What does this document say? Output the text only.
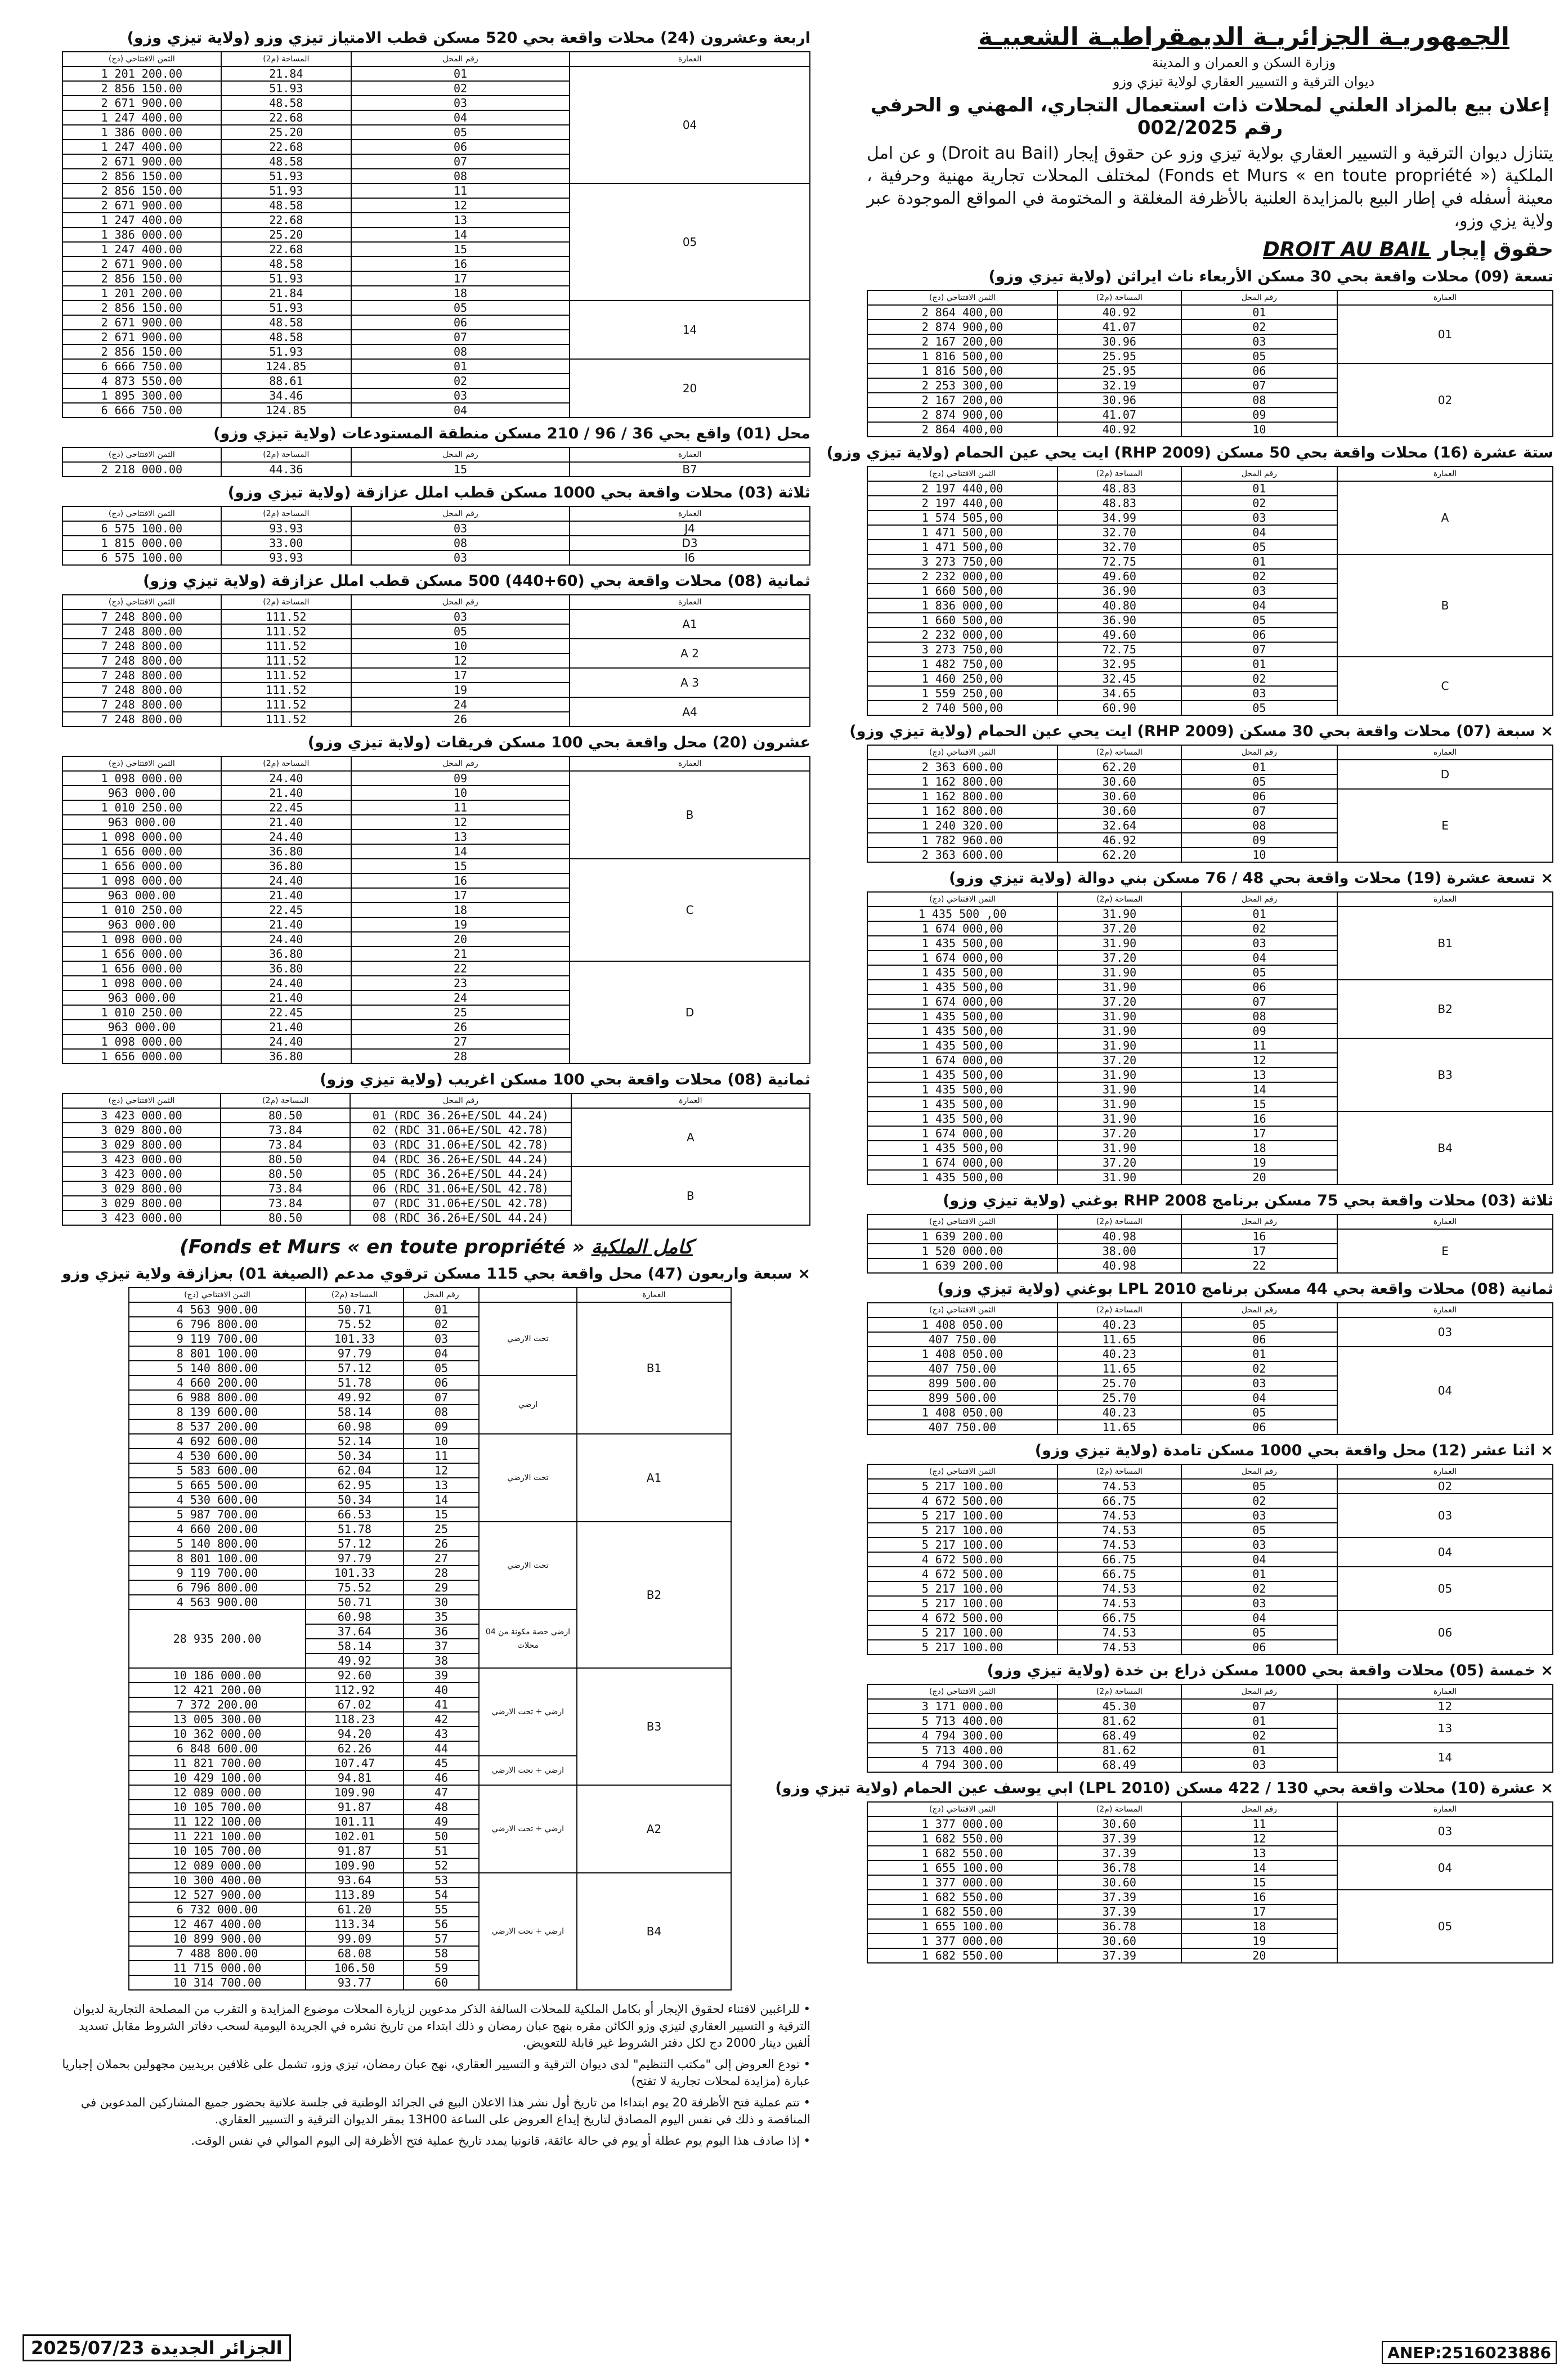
الجمهوريـة الجزائريـة الديمقراطيـة الشعبيـة
وزارة السكن و العمران و المدينة
ديوان الترقية و التسيير العقاري لولاية تيزي وزو
إعلان بيع بالمزاد العلني لمحلات ذات استعمال التجاري، المهني و الحرفي
رقم 002/2025
يتنازل ديوان الترقية و التسيير العقاري بولاية تيزي وزو عن حقوق إيجار (Droit au Bail) و عن امل الملكية (« Fonds et Murs « en toute propriété) لمختلف المحلات تجارية مهنية وحرفية ، معينة أسفله في إطار البيع بالمزايدة العلنية بالأظرفة المغلقة و المختومة في المواقع الموجودة عبر ولاية يزي وزو،
حقوق إيجار DROIT AU BAIL
تسعة (09) محلات واقعة بحي 30 مسكن الأربعاء ناث ايراثن (ولاية تيزي وزو)
الثمن الافتتاحي (دج)	المساحة (م2)	رقم المحل	العمارة
2 864 400,00	40.92	01	01
2 874 900,00	41.07	02	
2 167 200,00	30.96	03	
1 816 500,00	25.95	05	
1 816 500,00	25.95	06	02
2 253 300,00	32.19	07	
2 167 200,00	30.96	08	
2 874 900,00	41.07	09	
2 864 400,00	40.92	10	
ستة عشرة (16) محلات واقعة بحي 50 مسكن (RHP 2009) ايت يحي عين الحمام (ولاية تيزي وزو)
الثمن الافتتاحي (دج)	المساحة (م2)	رقم المحل	العمارة
2 197 440,00	48.83	01	A
2 197 440,00	48.83	02	
1 574 505,00	34.99	03	
1 471 500,00	32.70	04	
1 471 500,00	32.70	05	
3 273 750,00	72.75	01	B
2 232 000,00	49.60	02	
1 660 500,00	36.90	03	
1 836 000,00	40.80	04	
1 660 500,00	36.90	05	
2 232 000,00	49.60	06	
3 273 750,00	72.75	07	
1 482 750,00	32.95	01	C
1 460 250,00	32.45	02	
1 559 250,00	34.65	03	
2 740 500,00	60.90	05	
× سبعة (07) محلات واقعة بحي 30 مسكن (RHP 2009) ايت يحي عين الحمام (ولاية تيزي وزو)
الثمن الافتتاحي (دج)	المساحة (م2)	رقم المحل	العمارة
2 363 600.00	62.20	01	D
1 162 800.00	30.60	05	
1 162 800.00	30.60	06	E
1 162 800.00	30.60	07	
1 240 320.00	32.64	08	
1 782 960.00	46.92	09	
2 363 600.00	62.20	10	
× تسعة عشرة (19) محلات واقعة بحي 48 / 76 مسكن بني دوالة (ولاية تيزي وزو)
الثمن الافتتاحي (دج)	المساحة (م2)	رقم المحل	العمارة
1 435 500 ,00	31.90	01	B1
1 674 000,00	37.20	02	
1 435 500,00	31.90	03	
1 674 000,00	37.20	04	
1 435 500,00	31.90	05	
1 435 500,00	31.90	06	B2
1 674 000,00	37.20	07	
1 435 500,00	31.90	08	
1 435 500,00	31.90	09	
1 435 500,00	31.90	11	B3
1 674 000,00	37.20	12	
1 435 500,00	31.90	13	
1 435 500,00	31.90	14	
1 435 500,00	31.90	15	
1 435 500,00	31.90	16	B4
1 674 000,00	37.20	17	
1 435 500,00	31.90	18	
1 674 000,00	37.20	19	
1 435 500,00	31.90	20	
ثلاثة (03) محلات واقعة بحي 75 مسكن برنامج RHP 2008 بوغني (ولاية تيزي وزو)
الثمن الافتتاحي (دج)	المساحة (م2)	رقم المحل	العمارة
1 639 200.00	40.98	16	E
1 520 000.00	38.00	17	
1 639 200.00	40.98	22	
ثمانية (08) محلات واقعة بحي 44 مسكن برنامج LPL 2010 بوغني (ولاية تيزي وزو)
الثمن الافتتاحي (دج)	المساحة (م2)	رقم المحل	العمارة
1 408 050.00	40.23	05	03
407 750.00	11.65	06	
1 408 050.00	40.23	01	04
407 750.00	11.65	02	
899 500.00	25.70	03	
899 500.00	25.70	04	
1 408 050.00	40.23	05	
407 750.00	11.65	06	
× اثنا عشر (12) محل واقعة بحي 1000 مسكن تامدة (ولاية تيزي وزو)
الثمن الافتتاحي (دج)	المساحة (م2)	رقم المحل	العمارة
5 217 100.00	74.53	05	02
4 672 500.00	66.75	02	03
5 217 100.00	74.53	03	
5 217 100.00	74.53	05	
5 217 100.00	74.53	03	04
4 672 500.00	66.75	04	
4 672 500.00	66.75	01	05
5 217 100.00	74.53	02	
5 217 100.00	74.53	03	
4 672 500.00	66.75	04	06
5 217 100.00	74.53	05	
5 217 100.00	74.53	06	
× خمسة (05) محلات واقعة بحي 1000 مسكن ذراع بن خدة (ولاية تيزي وزو)
الثمن الافتتاحي (دج)	المساحة (م2)	رقم المحل	العمارة
3 171 000.00	45.30	07	12
5 713 400.00	81.62	01	13
4 794 300.00	68.49	02	
5 713 400.00	81.62	01	14
4 794 300.00	68.49	03	
× عشرة (10) محلات واقعة بحي 130 / 422 مسكن (LPL 2010) ابي يوسف عين الحمام (ولاية تيزي وزو)
الثمن الافتتاحي (دج)	المساحة (م2)	رقم المحل	العمارة
1 377 000.00	30.60	11	03
1 682 550.00	37.39	12	
1 682 550.00	37.39	13	04
1 655 100.00	36.78	14	
1 377 000.00	30.60	15	
1 682 550.00	37.39	16	05
1 682 550.00	37.39	17	
1 655 100.00	36.78	18	
1 377 000.00	30.60	19	
1 682 550.00	37.39	20	
اربعة وعشرون (24) محلات واقعة بحي 520 مسكن قطب الامتياز تيزي وزو (ولاية تيزي وزو)
الثمن الافتتاحي (دج)	المساحة (م2)	رقم المحل	العمارة
1 201 200.00	21.84	01	04
2 856 150.00	51.93	02	
2 671 900.00	48.58	03	
1 247 400.00	22.68	04	
1 386 000.00	25.20	05	
1 247 400.00	22.68	06	
2 671 900.00	48.58	07	
2 856 150.00	51.93	08	
2 856 150.00	51.93	11	05
2 671 900.00	48.58	12	
1 247 400.00	22.68	13	
1 386 000.00	25.20	14	
1 247 400.00	22.68	15	
2 671 900.00	48.58	16	
2 856 150.00	51.93	17	
1 201 200.00	21.84	18	
2 856 150.00	51.93	05	14
2 671 900.00	48.58	06	
2 671 900.00	48.58	07	
2 856 150.00	51.93	08	
6 666 750.00	124.85	01	20
4 873 550.00	88.61	02	
1 895 300.00	34.46	03	
6 666 750.00	124.85	04	
محل (01) واقع بحي 36 / 96 / 210 مسكن منطقة المستودعات (ولاية تيزي وزو)
الثمن الافتتاحي (دج)	المساحة (م2)	رقم المحل	العمارة
2 218 000.00	44.36	15	B7
ثلاثة (03) محلات واقعة بحي 1000 مسكن قطب املل عزازقة (ولاية تيزي وزو)
الثمن الافتتاحي (دج)	المساحة (م2)	رقم المحل	العمارة
6 575 100.00	93.93	03	J4
1 815 000.00	33.00	08	D3
6 575 100.00	93.93	03	I6
ثمانية (08) محلات واقعة بحي (60+440) 500 مسكن قطب املل عزازقة (ولاية تيزي وزو)
الثمن الافتتاحي (دج)	المساحة (م2)	رقم المحل	العمارة
7 248 800.00	111.52	03	A1
7 248 800.00	111.52	05	
7 248 800.00	111.52	10	A 2
7 248 800.00	111.52	12	
7 248 800.00	111.52	17	A 3
7 248 800.00	111.52	19	
7 248 800.00	111.52	24	A4
7 248 800.00	111.52	26	
عشرون (20) محل واقعة بحي 100 مسكن فريقات (ولاية تيزي وزو)
الثمن الافتتاحي (دج)	المساحة (م2)	رقم المحل	العمارة
1 098 000.00	24.40	09	B
963 000.00	21.40	10	
1 010 250.00	22.45	11	
963 000.00	21.40	12	
1 098 000.00	24.40	13	
1 656 000.00	36.80	14	
1 656 000.00	36.80	15	C
1 098 000.00	24.40	16	
963 000.00	21.40	17	
1 010 250.00	22.45	18	
963 000.00	21.40	19	
1 098 000.00	24.40	20	
1 656 000.00	36.80	21	
1 656 000.00	36.80	22	D
1 098 000.00	24.40	23	
963 000.00	21.40	24	
1 010 250.00	22.45	25	
963 000.00	21.40	26	
1 098 000.00	24.40	27	
1 656 000.00	36.80	28	
ثمانية (08) محلات واقعة بحي 100 مسكن اغريب (ولاية تيزي وزو)
الثمن الافتتاحي (دج)	المساحة (م2)	رقم المحل	العمارة
3 423 000.00	80.50	01 (RDC 36.26+E/SOL 44.24)	A
3 029 800.00	73.84	02 (RDC 31.06+E/SOL 42.78)	
3 029 800.00	73.84	03 (RDC 31.06+E/SOL 42.78)	
3 423 000.00	80.50	04 (RDC 36.26+E/SOL 44.24)	
3 423 000.00	80.50	05 (RDC 36.26+E/SOL 44.24)	B
3 029 800.00	73.84	06 (RDC 31.06+E/SOL 42.78)	
3 029 800.00	73.84	07 (RDC 31.06+E/SOL 42.78)	
3 423 000.00	80.50	08 (RDC 36.26+E/SOL 44.24)	
(Fonds et Murs « en toute propriété » كامل الملكية
× سبعة واربعون (47) محل واقعة بحي 115 مسكن ترقوي مدعم (الصيغة 01) بعزازقة ولاية تيزي وزو
الثمن الافتتاحي (دج)	المساحة (م2)	رقم المحل		العمارة
4 563 900.00	50.71	01	تحت الارضي	B1
6 796 800.00	75.52	02		
9 119 700.00	101.33	03		
8 801 100.00	97.79	04		
5 140 800.00	57.12	05		
4 660 200.00	51.78	06	ارضي	
6 988 800.00	49.92	07		
8 139 600.00	58.14	08		
8 537 200.00	60.98	09		
4 692 600.00	52.14	10	تحت الارضي	A1
4 530 600.00	50.34	11		
5 583 600.00	62.04	12		
5 665 500.00	62.95	13		
4 530 600.00	50.34	14		
5 987 700.00	66.53	15		
4 660 200.00	51.78	25	تحت الارضي	B2
5 140 800.00	57.12	26		
8 801 100.00	97.79	27		
9 119 700.00	101.33	28		
6 796 800.00	75.52	29		
4 563 900.00	50.71	30		
28 935 200.00	60.98	35	ارضي حصة مكونة من 04 محلات	
	37.64	36		
	58.14	37		
	49.92	38		
10 186 000.00	92.60	39	ارضي + تحت الارضي	B3
12 421 200.00	112.92	40		
7 372 200.00	67.02	41		
13 005 300.00	118.23	42		
10 362 000.00	94.20	43		
6 848 600.00	62.26	44		
11 821 700.00	107.47	45	ارضي + تحت الارضي	
10 429 100.00	94.81	46		
12 089 000.00	109.90	47	ارضي + تحت الارضي	A2
10 105 700.00	91.87	48		
11 122 100.00	101.11	49		
11 221 100.00	102.01	50		
10 105 700.00	91.87	51		
12 089 000.00	109.90	52		
10 300 400.00	93.64	53	ارضي + تحت الارضي	B4
12 527 900.00	113.89	54		
6 732 000.00	61.20	55		
12 467 400.00	113.34	56		
10 899 900.00	99.09	57		
7 488 800.00	68.08	58		
11 715 000.00	106.50	59		
10 314 700.00	93.77	60		

• للراغبين لاقتناء لحقوق الإيجار أو بكامل الملكية للمحلات السالفة الذكر مدعوين لزيارة المحلات موضوع المزايدة و التقرب من المصلحة التجارية لديوان الترقية و التسيير العقاري لتيزي وزو الكائن مقره بنهج عبان رمضان و ذلك ابتداء من تاريخ نشره في الجريدة اليومية لسحب دفاتر الشروط مقابل تسديد ألفين دينار 2000 دج لكل دفتر الشروط غير قابلة للتعويض.

• تودع العروض إلى "مكتب التنظيم" لدى ديوان الترقية و التسيير العقاري، نهج عبان رمضان، تيزي وزو، تشمل على غلافين بريديين مجهولين بحملان إجباريا عبارة (مزايدة لمحلات تجارية لا تفتح)

• تتم عملية فتح الأظرفة 20 يوم ابتداءا من تاريخ أول نشر هذا الاعلان البيع في الجرائد الوطنية في جلسة علانية بحضور جميع المشاركين المدعوين في المناقصة و ذلك في نفس اليوم المصادق لتاريخ إيداع العروض على الساعة 13H00 بمقر الديوان الترقية و التسيير العقاري.

• إذا صادف هذا اليوم يوم عطلة أو يوم في حالة عائقة، قانونيا يمدد تاريخ عملية فتح الأظرفة إلى اليوم الموالي في نفس الوقت.

2025/07/23 الجزائر الجديدة	ANEP:2516023886
